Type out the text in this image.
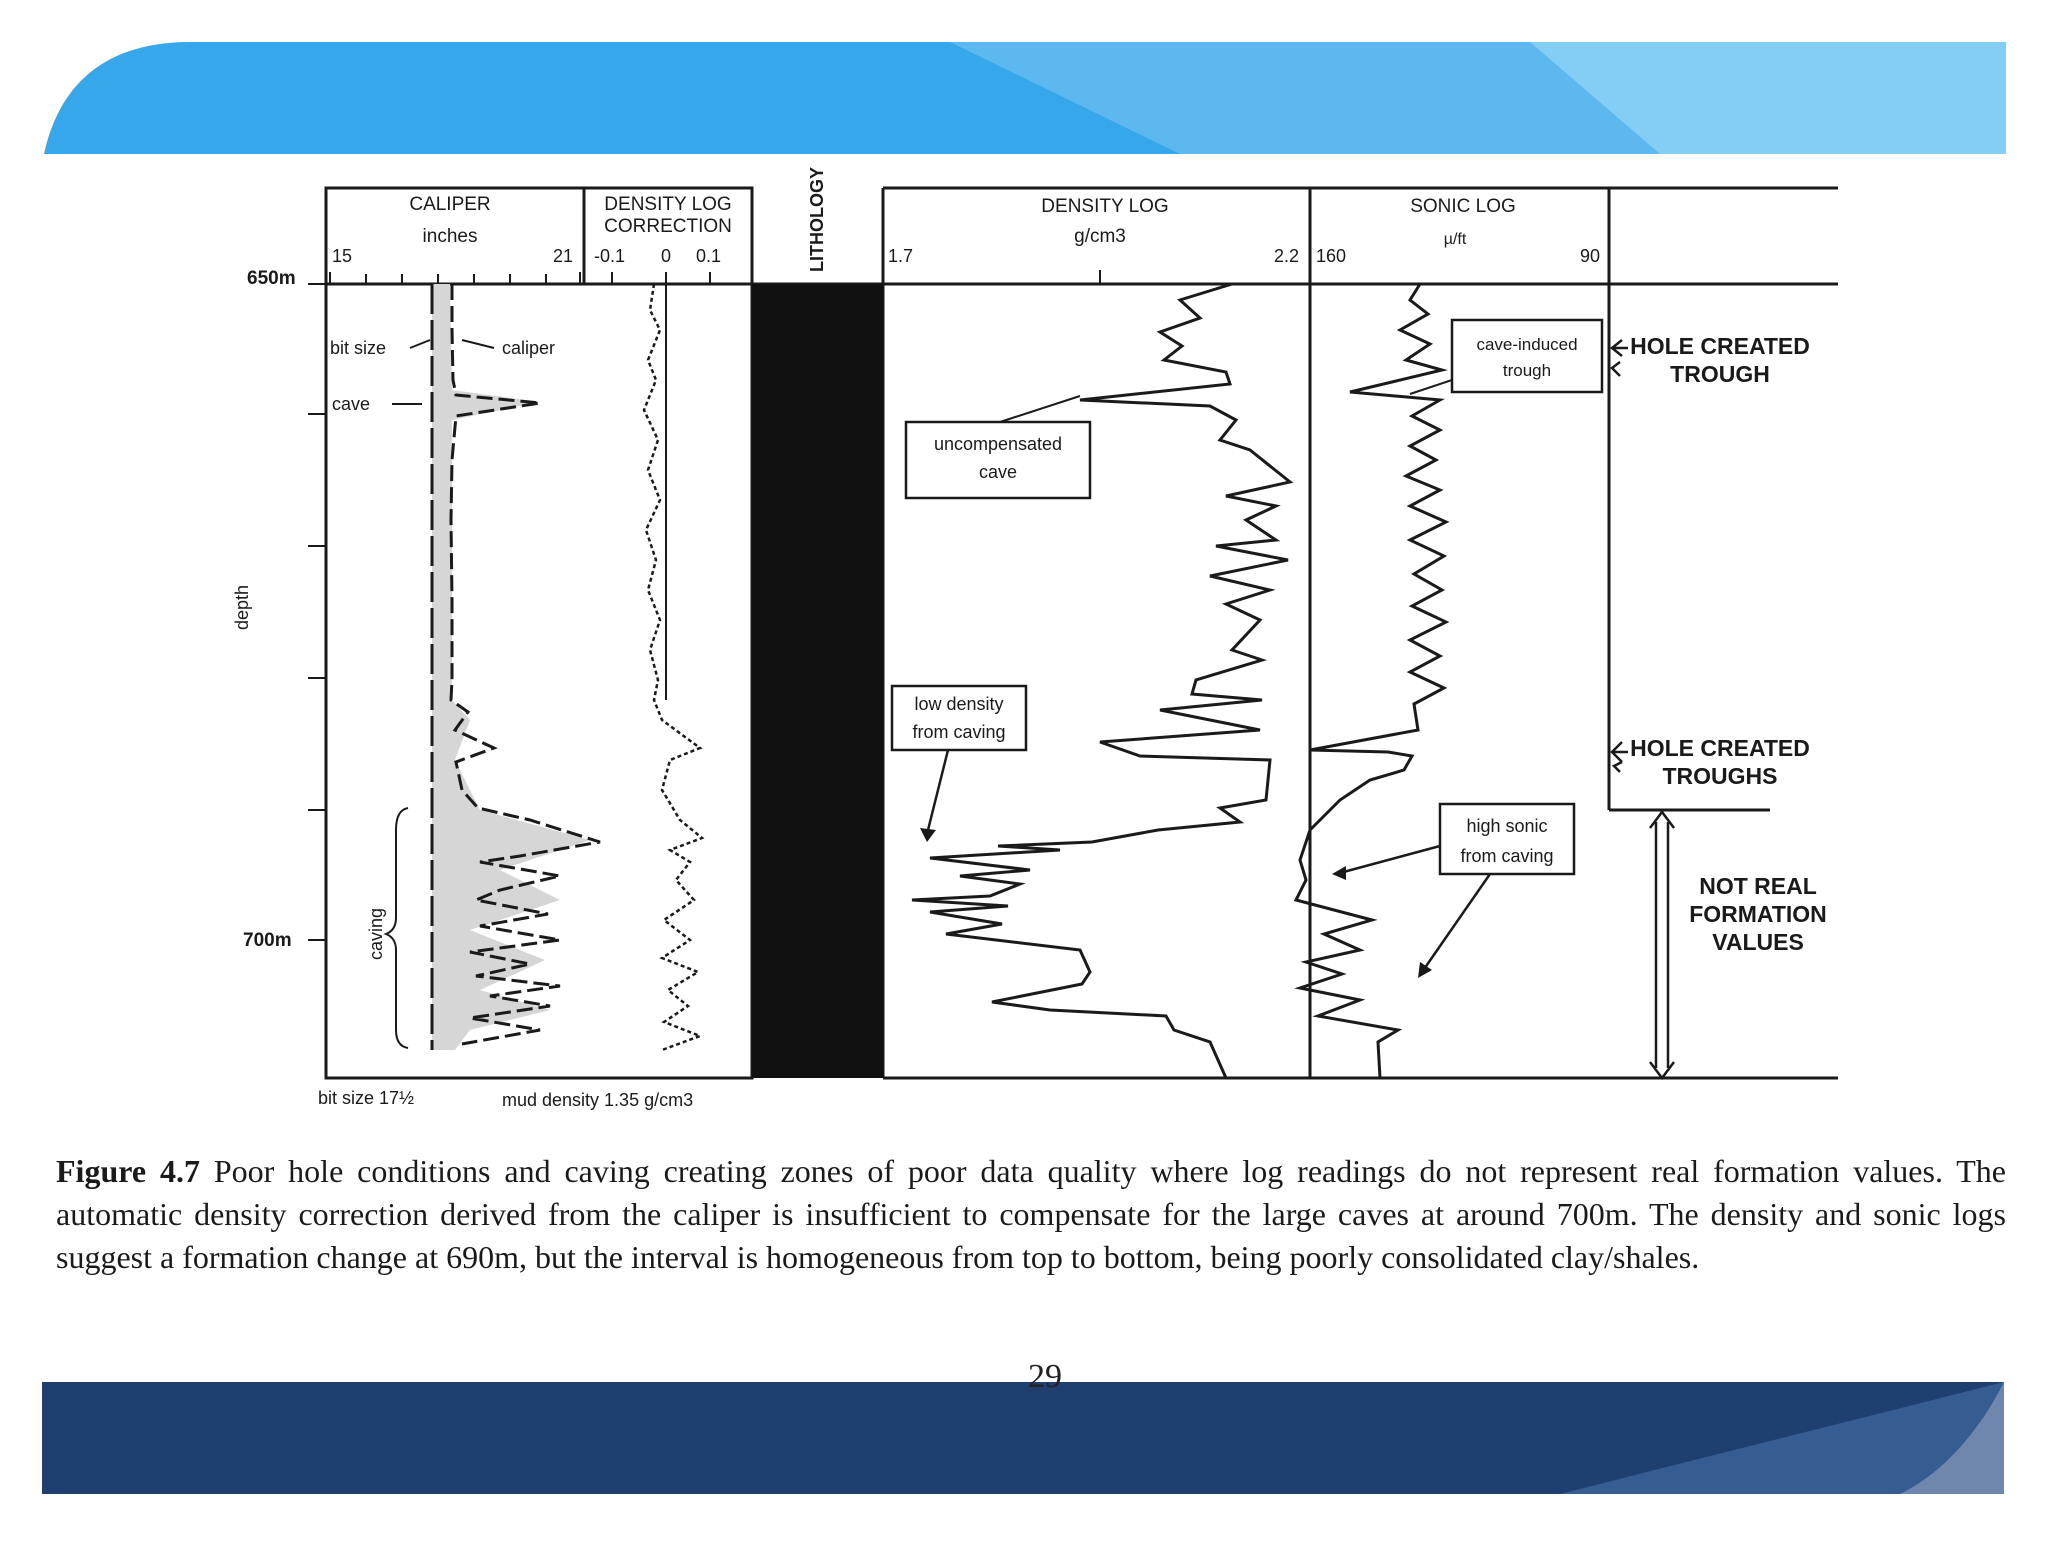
CALIPER
inches
15	21
DENSITY LOG
CORRECTION
-0.1 0 0.1	LITHOLOGY	DENSITY LOG
g/cm3
1.7	2.2
SONIC LOG
µ/ft
160	90
650m
700m
depth
uncompensated
cave
low density
from caving
cave-induced
trough
high sonic
from caving
bit size	caliper
cave
caving
HOLE CREATED
TROUGH
HOLE CREATED
TROUGHS
NOT REAL
FORMATION
VALUES
bit size 17½	mud density 1.35 g/cm3
Figure 4.7 Poor hole conditions and caving creating zones of poor data quality where log readings do not represent real formation values. The automatic density correction derived from the caliper is insufficient to compensate for the large caves at around 700m. The density and sonic logs suggest a formation change at 690m, but the interval is homogeneous from top to bottom, being poorly consolidated clay/shales.
29
